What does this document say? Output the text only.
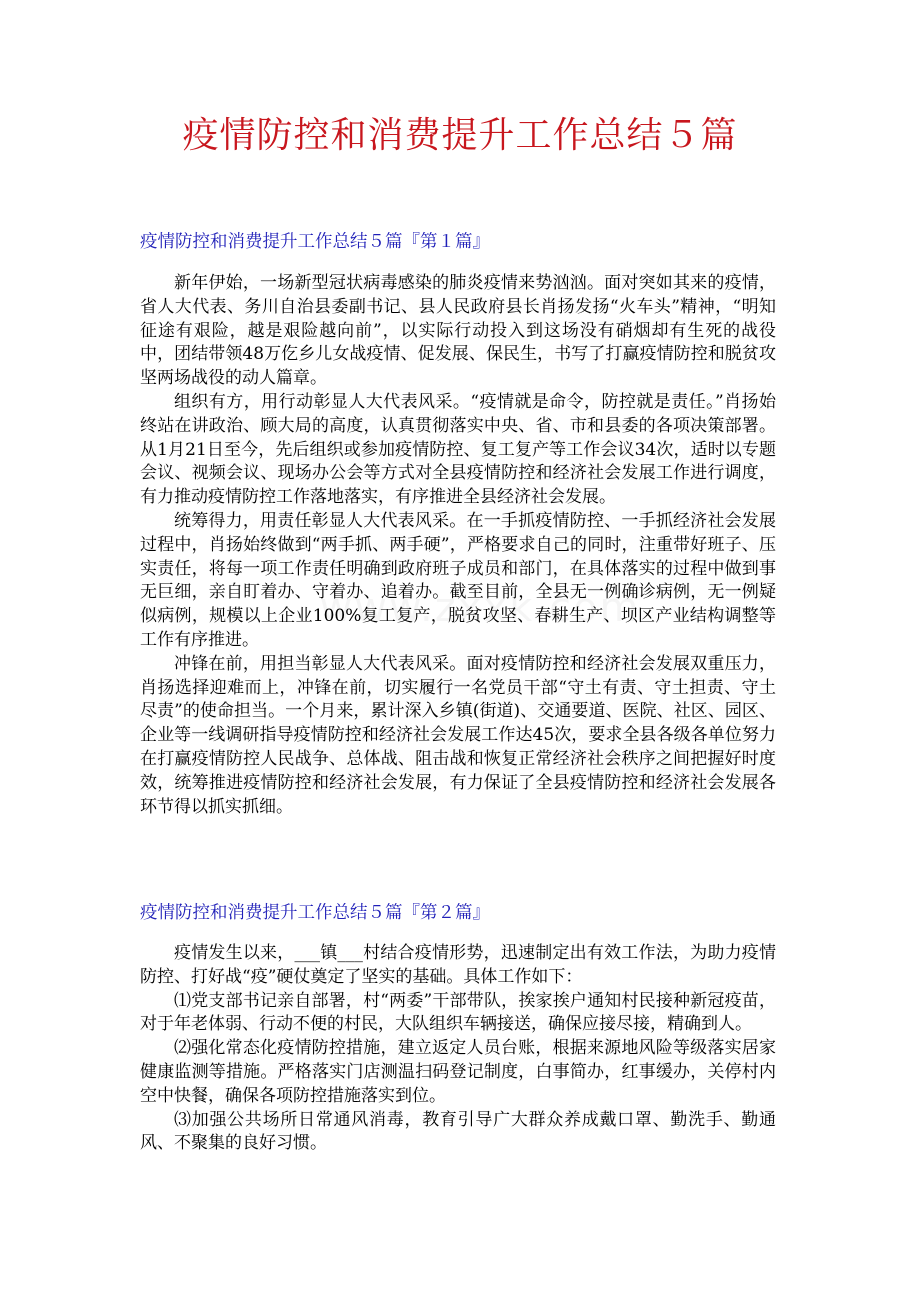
疫情防控和消费提升工作总结５篇
疫情防控和消费提升工作总结５篇『第１篇』

新年伊始，一场新型冠状病毒感染的肺炎疫情来势汹汹。面对突如其来的疫情，省人大代表、务川自治县委副书记、县人民政府县长肖扬发扬“火车头”精神，“明知征途有艰险，越是艰险越向前”，以实际行动投入到这场没有硝烟却有生死的战役中，团结带领48万仡乡儿女战疫情、促发展、保民生，书写了打赢疫情防控和脱贫攻坚两场战役的动人篇章。

组织有方，用行动彰显人大代表风采。“疫情就是命令，防控就是责任。”肖扬始终站在讲政治、顾大局的高度，认真贯彻落实中央、省、市和县委的各项决策部署。从1月21日至今，先后组织或参加疫情防控、复工复产等工作会议34次，适时以专题会议、视频会议、现场办公会等方式对全县疫情防控和经济社会发展工作进行调度，有力推动疫情防控工作落地落实，有序推进全县经济社会发展。

统筹得力，用责任彰显人大代表风采。在一手抓疫情防控、一手抓经济社会发展过程中，肖扬始终做到“两手抓、两手硬”，严格要求自己的同时，注重带好班子、压实责任，将每一项工作责任明确到政府班子成员和部门，在具体落实的过程中做到事无巨细，亲自盯着办、守着办、追着办。截至目前，全县无一例确诊病例，无一例疑似病例，规模以上企业100%复工复产，脱贫攻坚、春耕生产、坝区产业结构调整等工作有序推进。

冲锋在前，用担当彰显人大代表风采。面对疫情防控和经济社会发展双重压力，肖扬选择迎难而上，冲锋在前，切实履行一名党员干部“守土有责、守土担责、守土尽责”的使命担当。一个月来，累计深入乡镇(街道)、交通要道、医院、社区、园区、企业等一线调研指导疫情防控和经济社会发展工作达45次，要求全县各级各单位努力在打赢疫情防控人民战争、总体战、阻击战和恢复正常经济社会秩序之间把握好时度效，统筹推进疫情防控和经济社会发展，有力保证了全县疫情防控和经济社会发展各环节得以抓实抓细。

疫情防控和消费提升工作总结５篇『第２篇』

疫情发生以来，___镇___村结合疫情形势，迅速制定出有效工作法，为助力疫情防控、打好战“疫”硬仗奠定了坚实的基础。具体工作如下：

⑴党支部书记亲自部署，村“两委”干部带队，挨家挨户通知村民接种新冠疫苗，对于年老体弱、行动不便的村民，大队组织车辆接送，确保应接尽接，精确到人。

⑵强化常态化疫情防控措施，建立返定人员台账，根据来源地风险等级落实居家健康监测等措施。严格落实门店测温扫码登记制度，白事简办，红事缓办，关停村内空中快餐，确保各项防控措施落实到位。

⑶加强公共场所日常通风消毒，教育引导广大群众养成戴口罩、勤洗手、勤通风、不聚集的良好习惯。
